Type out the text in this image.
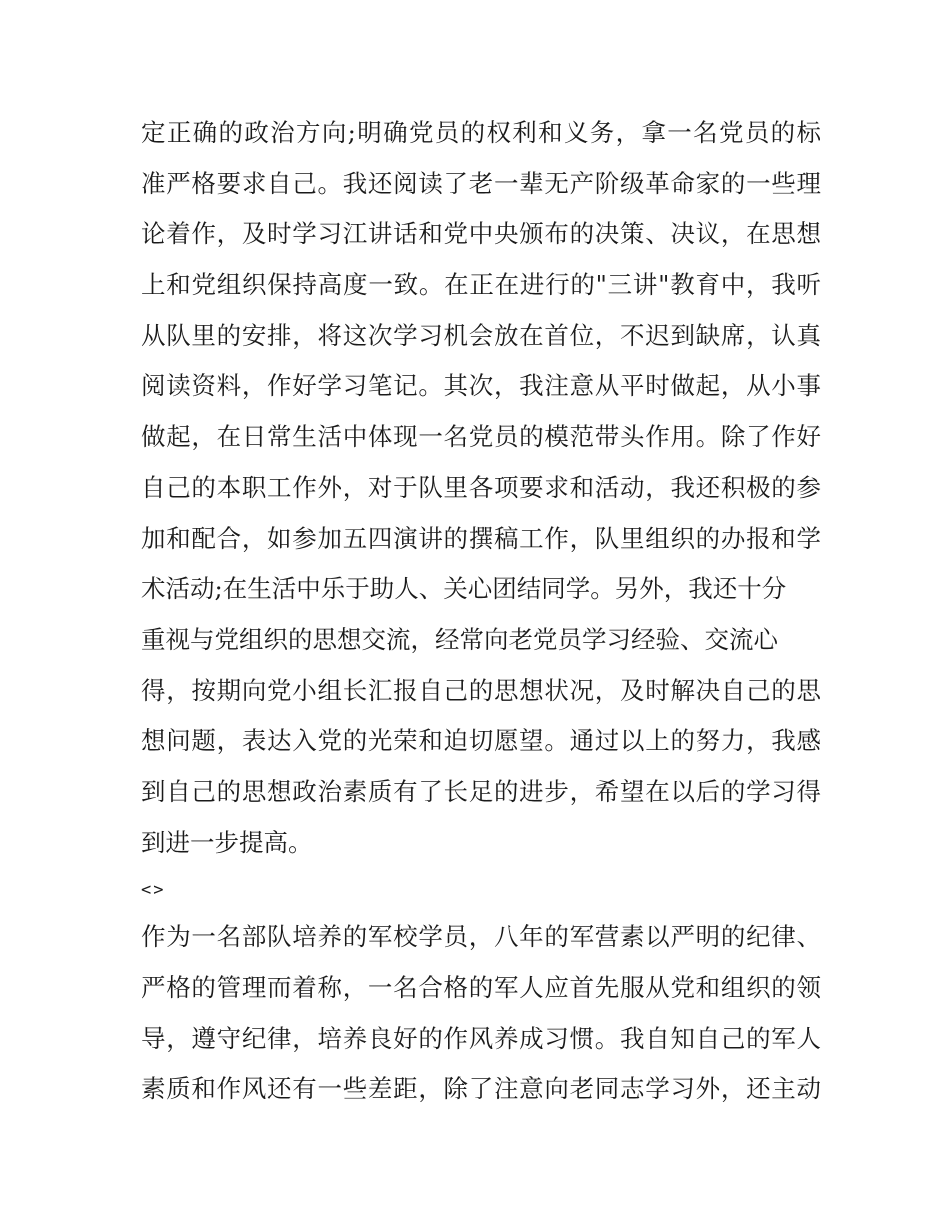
定正确的政治方向;明确党员的权利和义务，拿一名党员的标
准严格要求自己。我还阅读了老一辈无产阶级革命家的一些理
论着作，及时学习江讲话和党中央颁布的决策、决议，在思想
上和党组织保持高度一致。在正在进行的"三讲"教育中，我听
从队里的安排，将这次学习机会放在首位，不迟到缺席，认真
阅读资料，作好学习笔记。其次，我注意从平时做起，从小事
做起，在日常生活中体现一名党员的模范带头作用。除了作好
自己的本职工作外，对于队里各项要求和活动，我还积极的参
加和配合，如参加五四演讲的撰稿工作，队里组织的办报和学
术活动;在生活中乐于助人、关心团结同学。另外，我还十分
重视与党组织的思想交流，经常向老党员学习经验、交流心
得，按期向党小组长汇报自己的思想状况，及时解决自己的思
想问题，表达入党的光荣和迫切愿望。通过以上的努力，我感
到自己的思想政治素质有了长足的进步，希望在以后的学习得
到进一步提高。
<>
作为一名部队培养的军校学员，八年的军营素以严明的纪律、
严格的管理而着称，一名合格的军人应首先服从党和组织的领
导，遵守纪律，培养良好的作风养成习惯。我自知自己的军人
素质和作风还有一些差距，除了注意向老同志学习外，还主动
